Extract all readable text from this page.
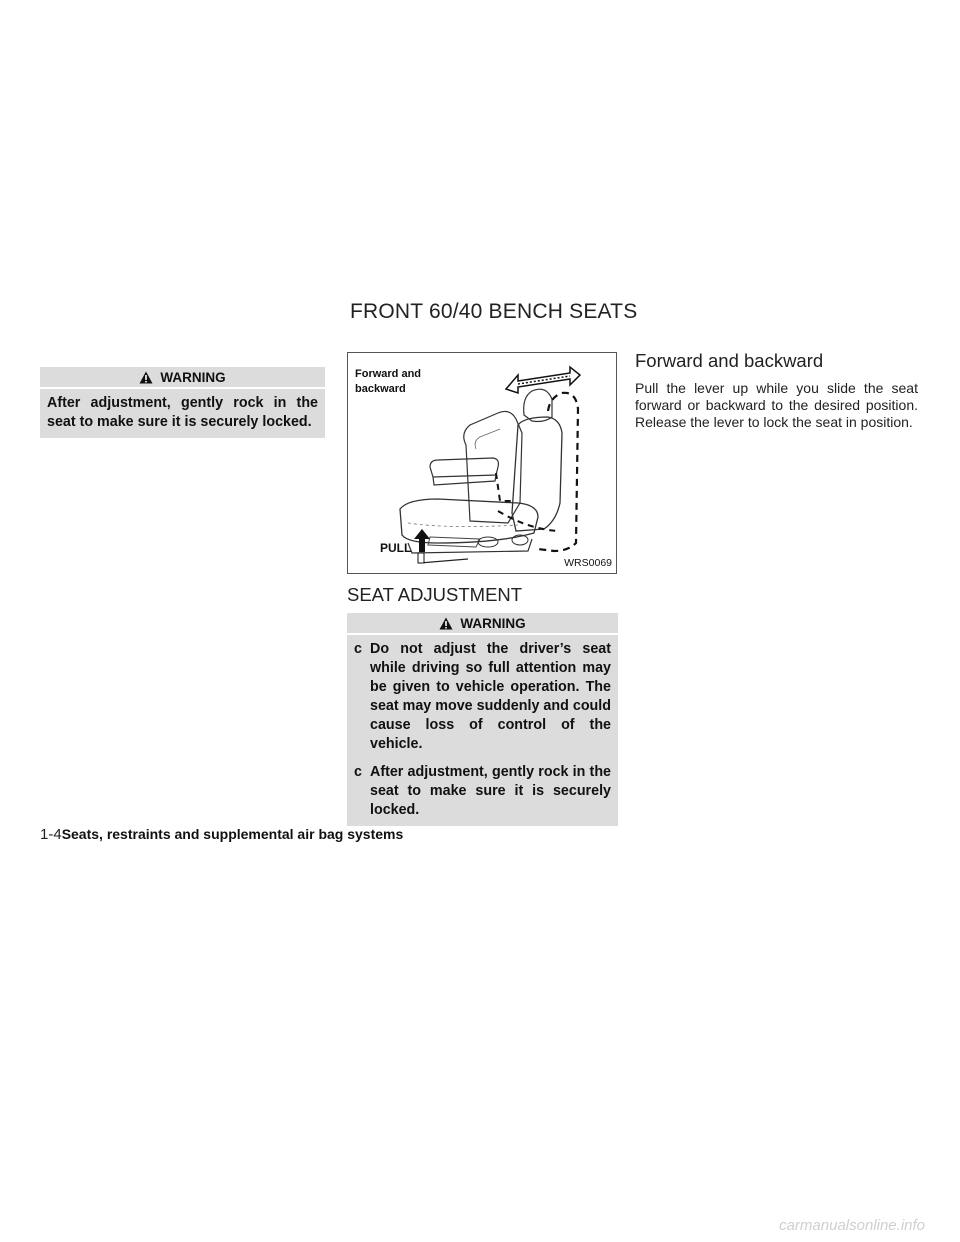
FRONT 60/40 BENCH SEATS
WARNING
After adjustment, gently rock in the seat to make sure it is securely locked.
Forward and backward
PULL
WRS0069
SEAT ADJUSTMENT
WARNING
c Do not adjust the driver’s seat while driving so full attention may be given to vehicle operation. The seat may move suddenly and could cause loss of control of the vehicle.
c After adjustment, gently rock in the seat to make sure it is securely locked.
Forward and backward
Pull the lever up while you slide the seat forward or backward to the desired position. Release the lever to lock the seat in position.
1-4Seats, restraints and supplemental air bag systems
carmanualsonline.info
